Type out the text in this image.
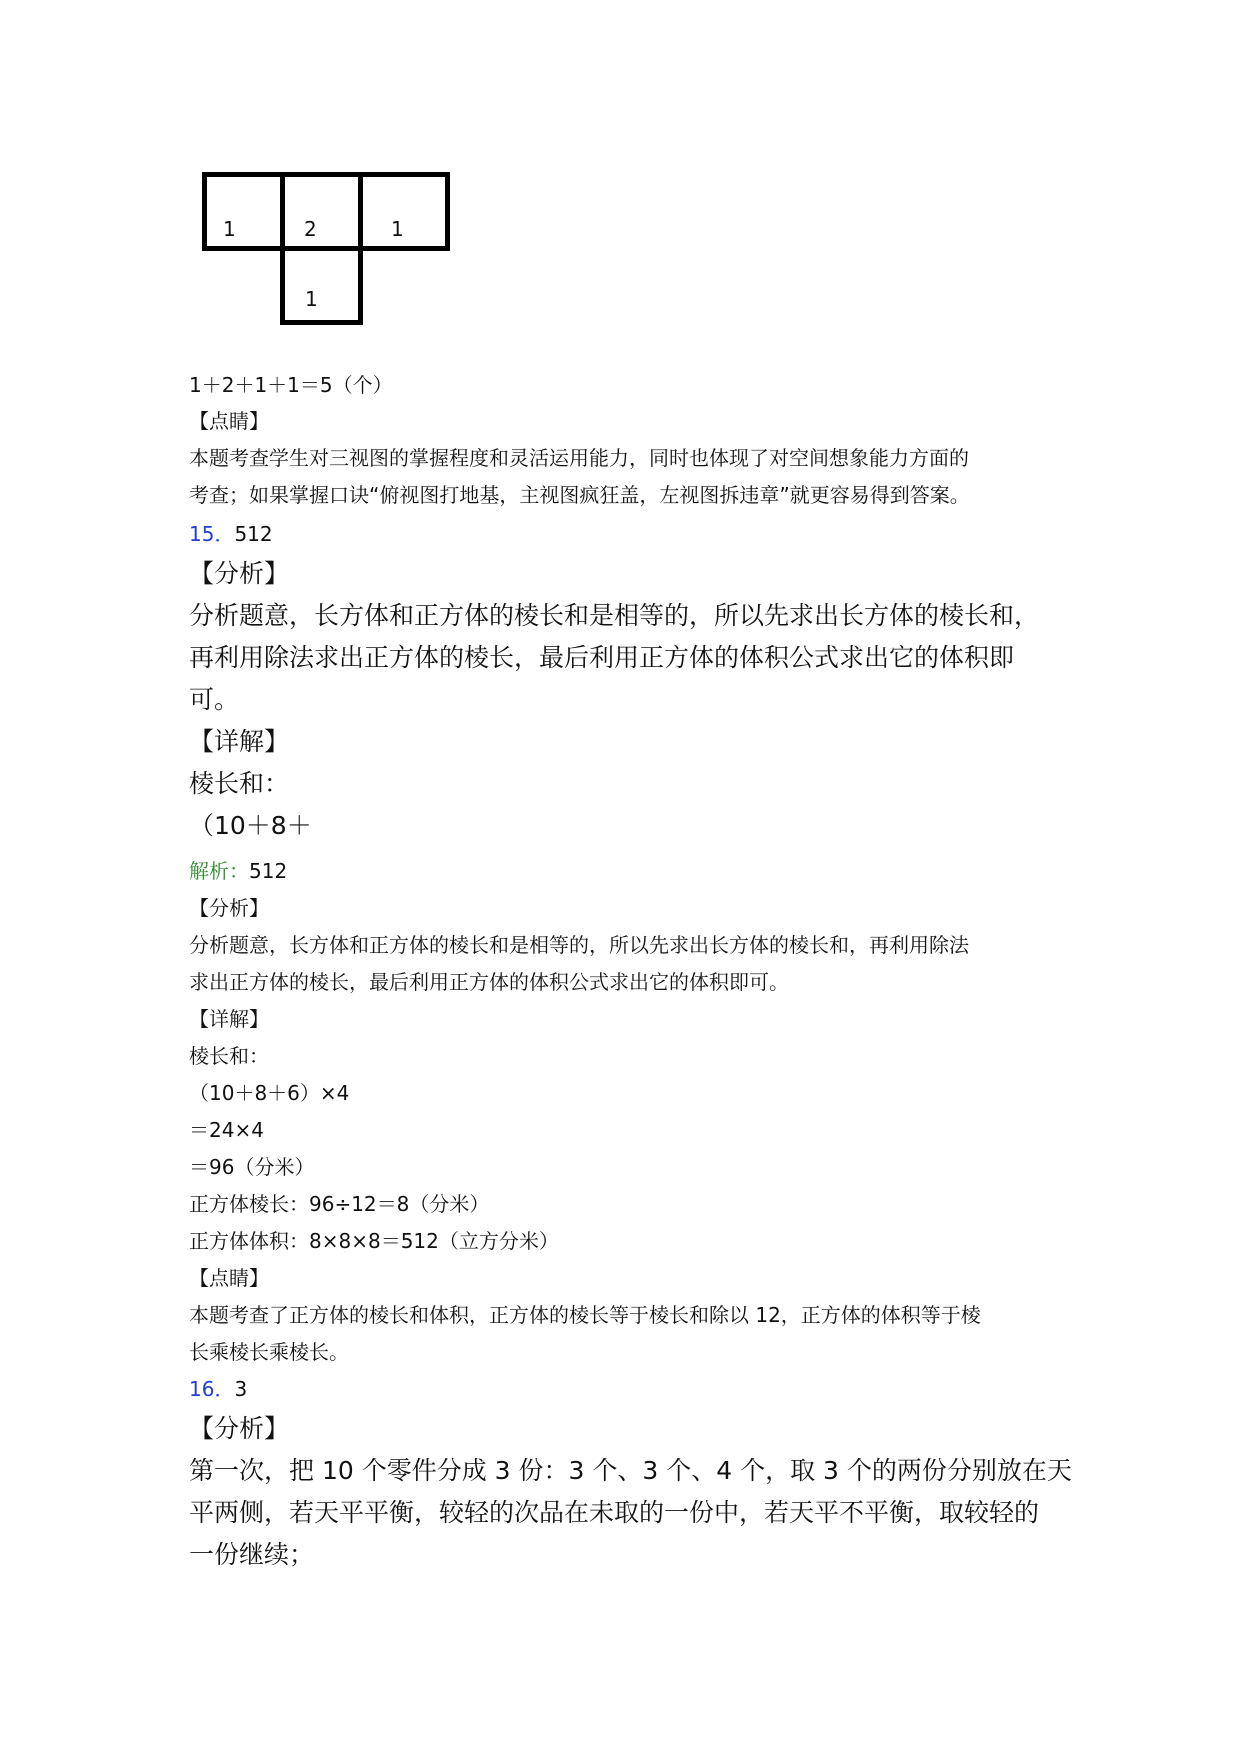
1	2	1
1
1＋2＋1＋1＝5（个）
【点睛】
本题考查学生对三视图的掌握程度和灵活运用能力，同时也体现了对空间想象能力方面的
考查；如果掌握口诀“俯视图打地基，主视图疯狂盖，左视图拆违章”就更容易得到答案。
15．512
【分析】
分析题意，长方体和正方体的棱长和是相等的，所以先求出长方体的棱长和，
再利用除法求出正方体的棱长，最后利用正方体的体积公式求出它的体积即
可。
【详解】
棱长和：
（10＋8＋
解析：512
【分析】
分析题意，长方体和正方体的棱长和是相等的，所以先求出长方体的棱长和，再利用除法
求出正方体的棱长，最后利用正方体的体积公式求出它的体积即可。
【详解】
棱长和：
（10＋8＋6）×4
＝24×4
＝96（分米）
正方体棱长：96÷12＝8（分米）
正方体体积：8×8×8＝512（立方分米）
【点睛】
本题考查了正方体的棱长和体积，正方体的棱长等于棱长和除以 12，正方体的体积等于棱
长乘棱长乘棱长。
16．3
【分析】
第一次，把 10 个零件分成 3 份：3 个、3 个、4 个，取 3 个的两份分别放在天
平两侧，若天平平衡，较轻的次品在未取的一份中，若天平不平衡，取较轻的
一份继续；
